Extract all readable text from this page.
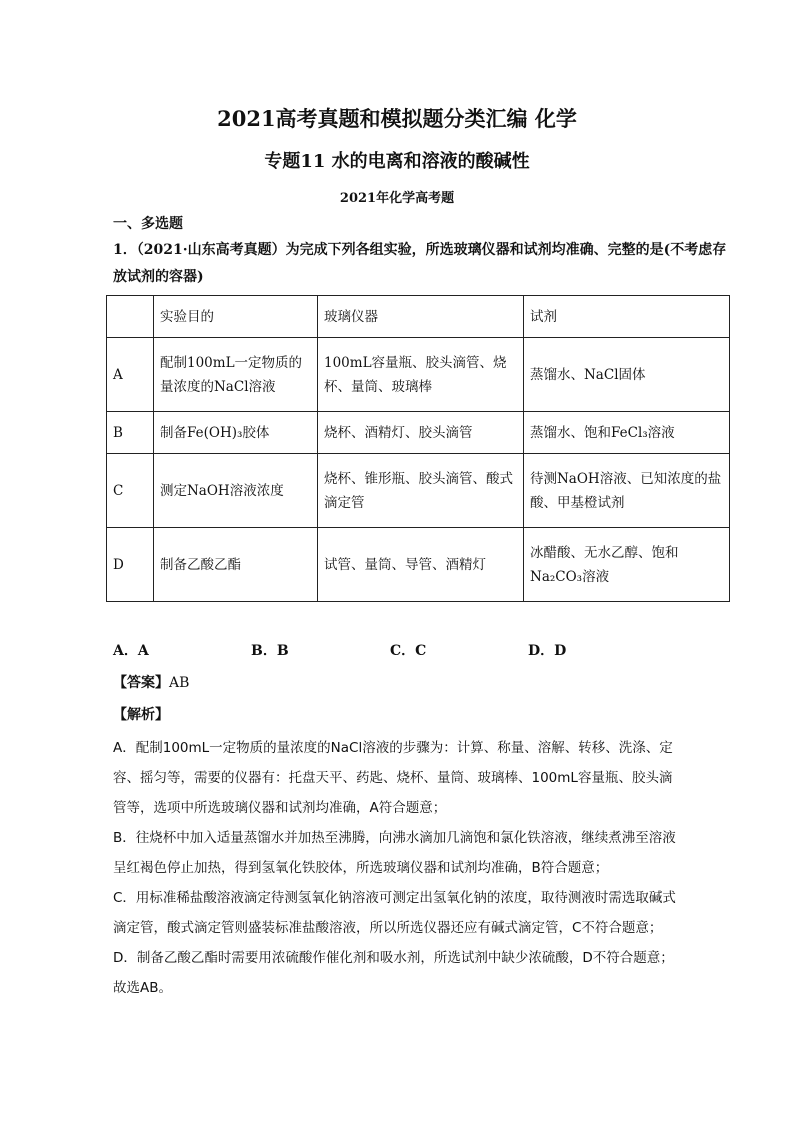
2021高考真题和模拟题分类汇编 化学
专题11 水的电离和溶液的酸碱性
2021年化学高考题
一、多选题
1．（2021·山东高考真题）为完成下列各组实验，所选玻璃仪器和试剂均准确、完整的是(不考虑存放试剂的容器)
	实验目的	玻璃仪器	试剂
A	配制100mL一定物质的量浓度的NaCl溶液	100mL容量瓶、胶头滴管、烧杯、量筒、玻璃棒	蒸馏水、NaCl固体
B	制备Fe(OH)₃胶体	烧杯、酒精灯、胶头滴管	蒸馏水、饱和FeCl₃溶液
C	测定NaOH溶液浓度	烧杯、锥形瓶、胶头滴管、酸式滴定管	待测NaOH溶液、已知浓度的盐酸、甲基橙试剂
D	制备乙酸乙酯	试管、量筒、导管、酒精灯	冰醋酸、无水乙醇、饱和Na₂CO₃溶液
A．A	B．B	C．C	D．D
【答案】AB
【解析】

A．配制100mL一定物质的量浓度的NaCl溶液的步骤为：计算、称量、溶解、转移、洗涤、定容、摇匀等，需要的仪器有：托盘天平、药匙、烧杯、量筒、玻璃棒、100mL容量瓶、胶头滴管等，选项中所选玻璃仪器和试剂均准确，A符合题意；

B．往烧杯中加入适量蒸馏水并加热至沸腾，向沸水滴加几滴饱和氯化铁溶液，继续煮沸至溶液呈红褐色停止加热，得到氢氧化铁胶体，所选玻璃仪器和试剂均准确，B符合题意；

C．用标准稀盐酸溶液滴定待测氢氧化钠溶液可测定出氢氧化钠的浓度，取待测液时需选取碱式滴定管，酸式滴定管则盛装标准盐酸溶液，所以所选仪器还应有碱式滴定管，C不符合题意；

D．制备乙酸乙酯时需要用浓硫酸作催化剂和吸水剂，所选试剂中缺少浓硫酸，D不符合题意；

故选AB。
